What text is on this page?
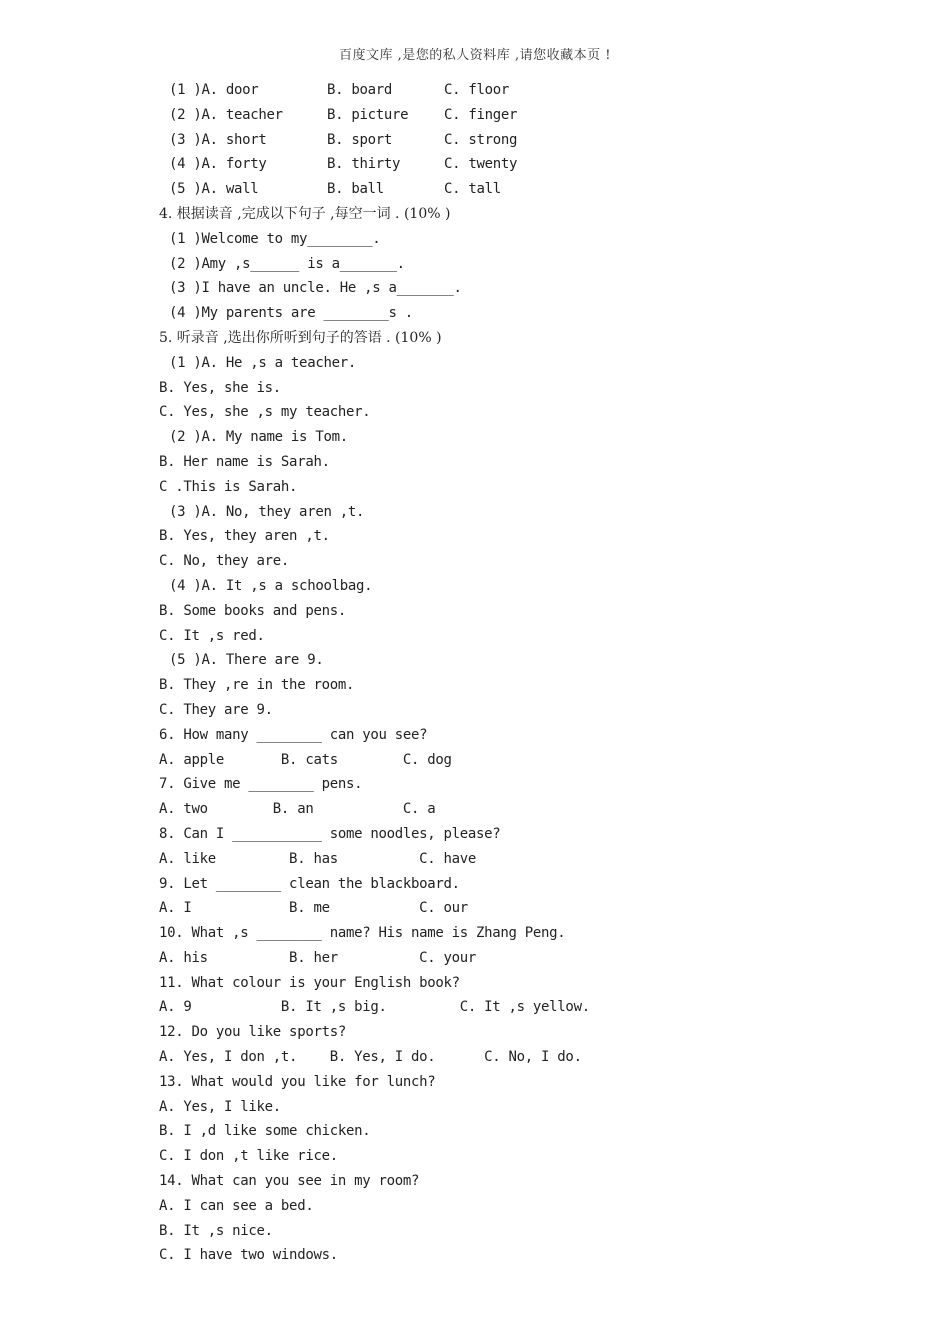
百度文库 ,是您的私人资料库 ,请您收藏本页 !
(1 )A. door	B. board	C. floor
(2 )A. teacher	B. picture	C. finger
(3 )A. short	B. sport	C. strong
(4 )A. forty	B. thirty	C. twenty
(5 )A. wall	B. ball	C. tall
4. 根据读音 ,完成以下句子 ,每空一词 . (10% )
(1 )Welcome to my________.
(2 )Amy ,s______ is a_______.
(3 )I have an uncle. He ,s a_______.
(4 )My parents are ________s .
5. 听录音 ,选出你所听到句子的答语 . (10% )
(1 )A. He ,s a teacher.
B. Yes, she is.
C. Yes, she ,s my teacher.
(2 )A. My name is Tom.
B. Her name is Sarah.
C .This is Sarah.
(3 )A. No, they aren ,t.
B. Yes, they aren ,t.
C. No, they are.
(4 )A. It ,s a schoolbag.
B. Some books and pens.
C. It ,s red.
(5 )A. There are 9.
B. They ,re in the room.
C. They are 9.
6. How many ________ can you see?
A. apple       B. cats        C. dog
7. Give me ________ pens.
A. two        B. an           C. a
8. Can I ___________ some noodles, please?
A. like         B. has          C. have
9. Let ________ clean the blackboard.
A. I            B. me           C. our
10. What ,s ________ name? His name is Zhang Peng.
A. his          B. her          C. your
11. What colour is your English book?
A. 9           B. It ,s big.         C. It ,s yellow.
12. Do you like sports?
A. Yes, I don ,t.    B. Yes, I do.      C. No, I do.
13. What would you like for lunch?
A. Yes, I like.
B. I ,d like some chicken.
C. I don ,t like rice.
14. What can you see in my room?
A. I can see a bed.
B. It ,s nice.
C. I have two windows.
